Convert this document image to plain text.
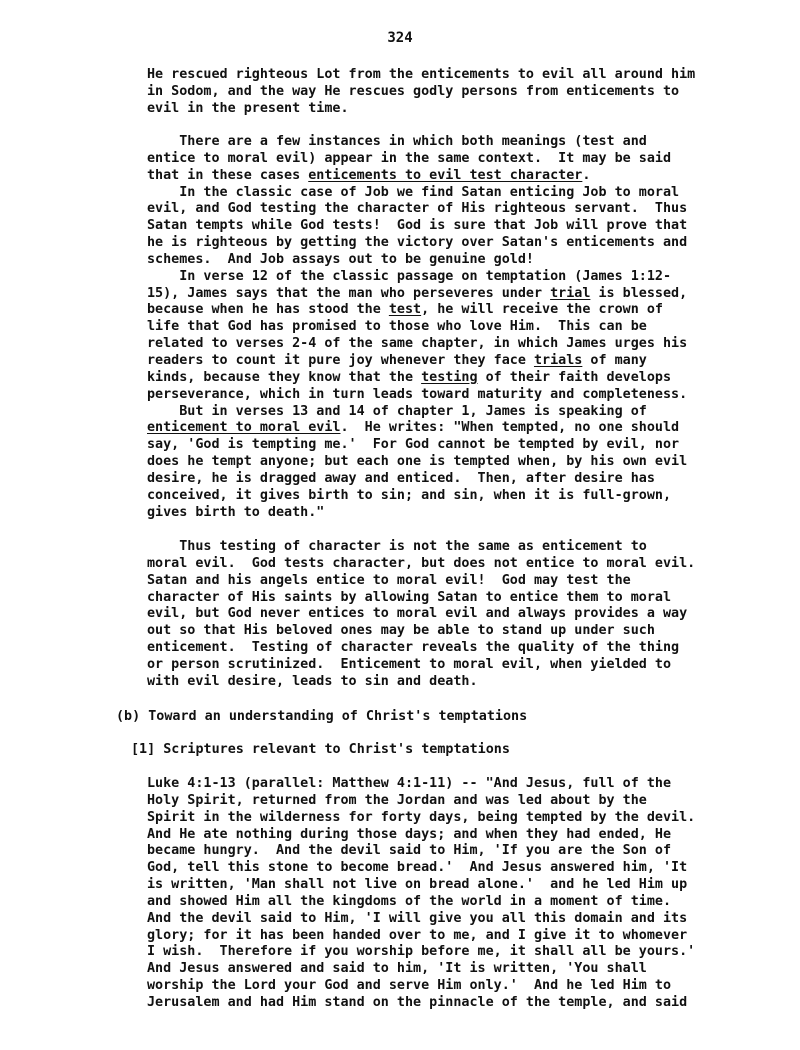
324
He rescued righteous Lot from the enticements to evil all around him
in Sodom, and the way He rescues godly persons from enticements to
evil in the present time.
There are a few instances in which both meanings (test and
entice to moral evil) appear in the same context.  It may be said
that in these cases enticements to evil test character.
In the classic case of Job we find Satan enticing Job to moral
evil, and God testing the character of His righteous servant.  Thus
Satan tempts while God tests!  God is sure that Job will prove that
he is righteous by getting the victory over Satan's enticements and
schemes.  And Job assays out to be genuine gold!
In verse 12 of the classic passage on temptation (James 1:12-
15), James says that the man who perseveres under trial is blessed,
because when he has stood the test, he will receive the crown of
life that God has promised to those who love Him.  This can be
related to verses 2-4 of the same chapter, in which James urges his
readers to count it pure joy whenever they face trials of many
kinds, because they know that the testing of their faith develops
perseverance, which in turn leads toward maturity and completeness.
But in verses 13 and 14 of chapter 1, James is speaking of
enticement to moral evil.  He writes: "When tempted, no one should
say, 'God is tempting me.'  For God cannot be tempted by evil, nor
does he tempt anyone; but each one is tempted when, by his own evil
desire, he is dragged away and enticed.  Then, after desire has
conceived, it gives birth to sin; and sin, when it is full-grown,
gives birth to death."
Thus testing of character is not the same as enticement to
moral evil.  God tests character, but does not entice to moral evil.
Satan and his angels entice to moral evil!  God may test the
character of His saints by allowing Satan to entice them to moral
evil, but God never entices to moral evil and always provides a way
out so that His beloved ones may be able to stand up under such
enticement.  Testing of character reveals the quality of the thing
or person scrutinized.  Enticement to moral evil, when yielded to
with evil desire, leads to sin and death.
(b) Toward an understanding of Christ's temptations
[1] Scriptures relevant to Christ's temptations
Luke 4:1-13 (parallel: Matthew 4:1-11) -- "And Jesus, full of the
Holy Spirit, returned from the Jordan and was led about by the
Spirit in the wilderness for forty days, being tempted by the devil.
And He ate nothing during those days; and when they had ended, He
became hungry.  And the devil said to Him, 'If you are the Son of
God, tell this stone to become bread.'  And Jesus answered him, 'It
is written, 'Man shall not live on bread alone.'  and he led Him up
and showed Him all the kingdoms of the world in a moment of time.
And the devil said to Him, 'I will give you all this domain and its
glory; for it has been handed over to me, and I give it to whomever
I wish.  Therefore if you worship before me, it shall all be yours.'
And Jesus answered and said to him, 'It is written, 'You shall
worship the Lord your God and serve Him only.'  And he led Him to
Jerusalem and had Him stand on the pinnacle of the temple, and said
